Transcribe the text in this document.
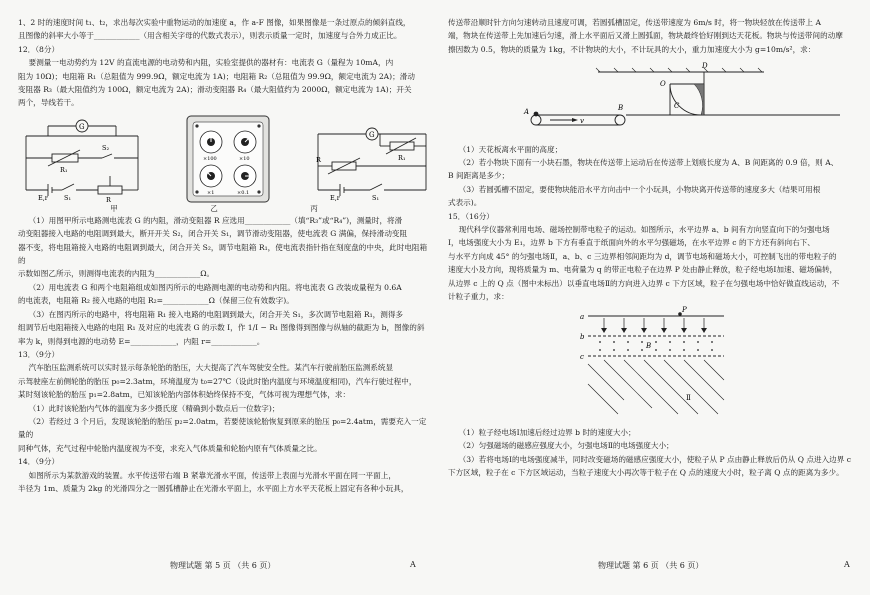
1、2 时的速度时间 t₁、t₂，求出每次实验中重物运动的加速度 a，作 a-F 图像，如果图像是一条过原点的倾斜直线，

且图像的斜率大小等于____________（用含相关字母的代数式表示），则表示质量一定时，加速度与合外力成正比。

12．（8分）

要测量一电动势约为 12V 的直流电源的电动势和内阻，实验室提供的器材有：电流表 G（量程为 10mA，内

阻为 10Ω)；电阻箱 R₁（总阻值为 999.9Ω，额定电流为 1A)；电阻箱 R₂（总阻值为 99.9Ω，额定电流为 2A)；滑动

变阻器 R₃（最大阻值约为 100Ω，额定电流为 2A)；滑动变阻器 R₄（最大阻值约为 2000Ω，额定电流为 1A)；开关

两个，导线若干。

G
R₁
S₂
E,r S₁	R
×100	×10
×1	×0.1
G
R₁
R
E,r	S₁
甲	乙	丙

（1）用图甲所示电路测电流表 G 的内阻，滑动变阻器 R 应选用____________（填“R₃”或“R₄”)，测量时，将滑

动变阻器接入电路的电阻调到最大，断开开关 S₂，闭合开关 S₁，调节滑动变阻器，使电流表 G 满偏，保持滑动变阻

器不变，将电阻箱接入电路的电阻调到最大，闭合开关 S₂，调节电阻箱 R₁，使电流表指针指在刻度盘的中央，此时电阻箱的

示数如图乙所示，则测得电流表的内阻为____________Ω。

（2）用电流表 G 和两个电阻箱组成如图丙所示的电路测电源的电动势和内阻。将电流表 G 改装成量程为 0.6A

的电流表，电阻箱 R₂ 接入电路的电阻 R₂=____________Ω（保留三位有效数字)。

（3）在图丙所示的电路中，将电阻箱 R₁ 接入电路的电阻调到最大，闭合开关 S₁，多次调节电阻箱 R₁，测得多

组调节后电阻箱接入电路的电阻 R₁ 及对应的电流表 G 的示数 I，作 1/I − R₁ 图像得到图像与纵轴的截距为 b，图像的斜

率为 k，则得到电源的电动势 E=____________，内阻 r=____________。

13．（9分）

汽车胎压监测系统可以实时显示每条轮胎的胎压，大大提高了汽车驾驶安全性。某汽车行驶前胎压监测系统显

示驾驶座左前侧轮胎的胎压 p₀=2.3atm，环境温度为 t₀=27℃（设此时胎内温度与环境温度相同)，汽车行驶过程中，

某时刻该轮胎的胎压 p₁=2.8atm，已知该轮胎内部体积始终保持不变，气体可视为理想气体，求：

（1）此时该轮胎内气体的温度为多少摄氏度（精确到小数点后一位数字)；

（2）若经过 3 个月后，发现该轮胎的胎压 p₂=2.0atm，若要使该轮胎恢复到原来的胎压 p₀=2.4atm，需要充入一定量的

同种气体，充气过程中轮胎内温度视为不变，求充入气体质量和轮胎内原有气体质量之比。

14．（9分）

如图所示为某款游戏的装置。水平传送带右端 B 紧靠光滑水平面，传送带上表面与光滑水平面在同一平面上，

半径为 1m、质量为 2kg 的光滑四分之一圆弧槽静止在光滑水平面上，水平面上方水平天花板上固定有各种小玩具，

物理试题 第 5 页 （共 6 页）	A

传送带沿顺时针方向匀速转动且速度可调，若圆弧槽固定，传送带速度为 6m/s 时，将一物块轻放在传送带上 A

端，物块在传送带上先加速后匀速，滑上水平面后又滑上圆弧面，物块最终恰好刚到达天花板。物块与传送带间的动摩

擦因数为 0.5，物块的质量为 1kg，不计物块的大小，不计玩具的大小，重力加速度大小为 g=10m/s²，求：

D
O
C
A	B
v

（1）天花板离水平面的高度；

（2）若小物块下面有一小块石墨，物块在传送带上运动后在传送带上划痕长度为 A、B 间距离的 0.9 倍，则 A、

B 间距离是多少；

（3）若圆弧槽不固定，要使物块能沿水平方向击中一个小玩具，小物块离开传送带的速度多大（结果可用根

式表示)。

15．（16分）

现代科学仪器常利用电场、磁场控制带电粒子的运动。如图所示，水平边界 a、b 间有方向竖直向下的匀强电场

Ⅰ，电场强度大小为 E₁，边界 b 下方有垂直于纸面向外的水平匀强磁场，在水平边界 c 的下方还有斜向右下、

与水平方向成 45° 的匀强电场Ⅱ，a、b、c 三边界相邻间距均为 d，调节电场和磁场大小，可控制飞出的带电粒子的

速度大小及方向，现将质量为 m、电荷量为 q 的带正电粒子在边界 P 处由静止释放，粒子经电场Ⅰ加速、磁场偏转，

从边界 c 上的 Q 点（图中未标出）以垂直电场Ⅱ的方向进入边界 c 下方区域，粒子在匀强电场中恰好做直线运动，不

计粒子重力，求：

P
a
b
c
B
Ⅱ

（1）粒子经电场Ⅰ加速后经过边界 b 时的速度大小；

（2）匀强磁场的磁感应强度大小，匀强电场Ⅱ的电场强度大小；

（3）若将电场Ⅰ的电场强度减半，同时改变磁场的磁感应强度大小，使粒子从 P 点由静止释放后仍从 Q 点进入边界 c

下方区域，粒子在 c 下方区域运动，当粒子速度大小再次等于粒子在 Q 点的速度大小时，粒子离 Q 点的距离为多少。

物理试题 第 6 页 （共 6 页）	A
